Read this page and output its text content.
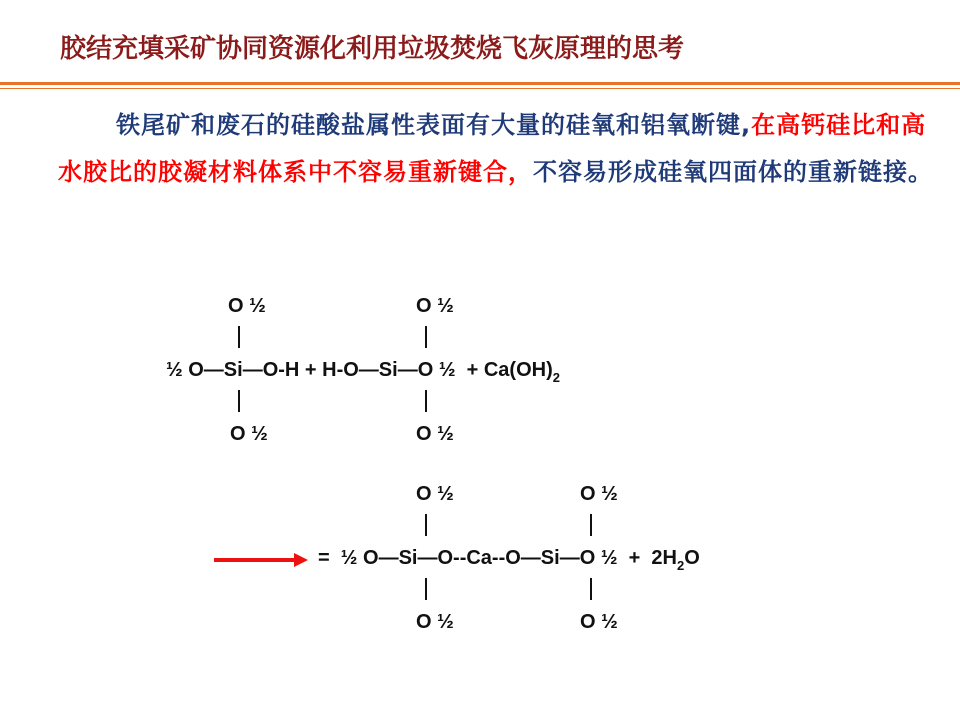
胶结充填采矿协同资源化利用垃圾焚烧飞灰原理的思考
铁尾矿和废石的硅酸盐属性表面有大量的硅氧和铝氧断键,在高钙硅比和高水胶比的胶凝材料体系中不容易重新键合，不容易形成硅氧四面体的重新链接。
O ½	O ½
½ O—Si—O-H + H-O—Si—O ½  + $Ca(OH)_2$
O ½	O ½
O ½	O ½
=  ½ O—Si—O--Ca--O—Si—O ½  +  $2H_2O$
O ½	O ½
